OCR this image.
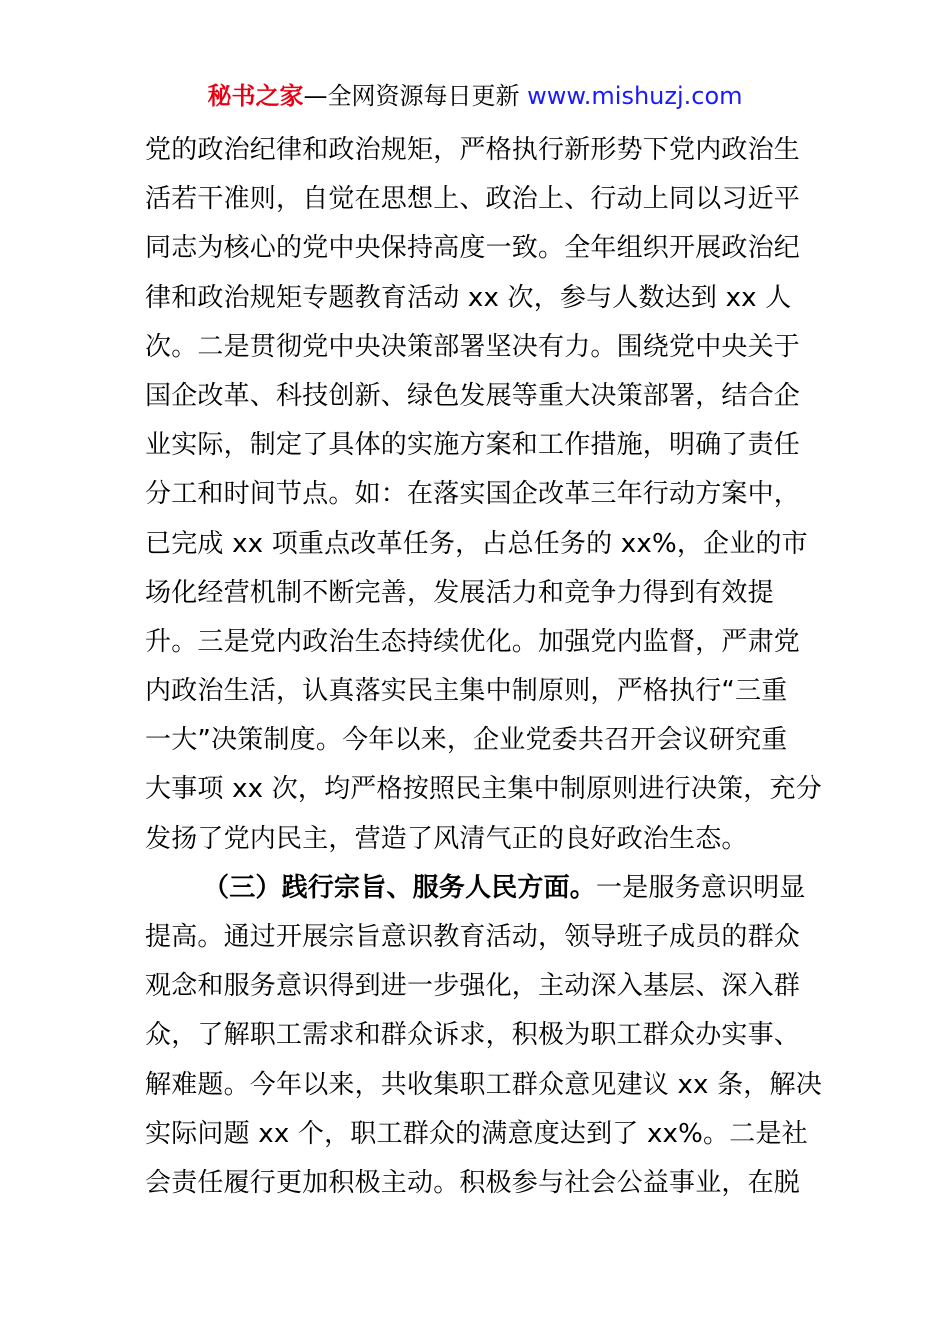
秘书之家—全网资源每日更新 www.mishuzj.com
党的政治纪律和政治规矩，严格执行新形势下党内政治生
活若干准则，自觉在思想上、政治上、行动上同以习近平
同志为核心的党中央保持高度一致。全年组织开展政治纪
律和政治规矩专题教育活动 xx 次，参与人数达到 xx 人
次。二是贯彻党中央决策部署坚决有力。围绕党中央关于
国企改革、科技创新、绿色发展等重大决策部署，结合企
业实际，制定了具体的实施方案和工作措施，明确了责任
分工和时间节点。如：在落实国企改革三年行动方案中，
已完成 xx 项重点改革任务，占总任务的 xx%，企业的市
场化经营机制不断完善，发展活力和竞争力得到有效提
升。三是党内政治生态持续优化。加强党内监督，严肃党
内政治生活，认真落实民主集中制原则，严格执行“三重
一大”决策制度。今年以来，企业党委共召开会议研究重
大事项 xx 次，均严格按照民主集中制原则进行决策，充分
发扬了党内民主，营造了风清气正的良好政治生态。
（三）践行宗旨、服务人民方面。一是服务意识明显
提高。通过开展宗旨意识教育活动，领导班子成员的群众
观念和服务意识得到进一步强化，主动深入基层、深入群
众，了解职工需求和群众诉求，积极为职工群众办实事、
解难题。今年以来，共收集职工群众意见建议 xx 条，解决
实际问题 xx 个，职工群众的满意度达到了 xx%。二是社
会责任履行更加积极主动。积极参与社会公益事业，在脱
